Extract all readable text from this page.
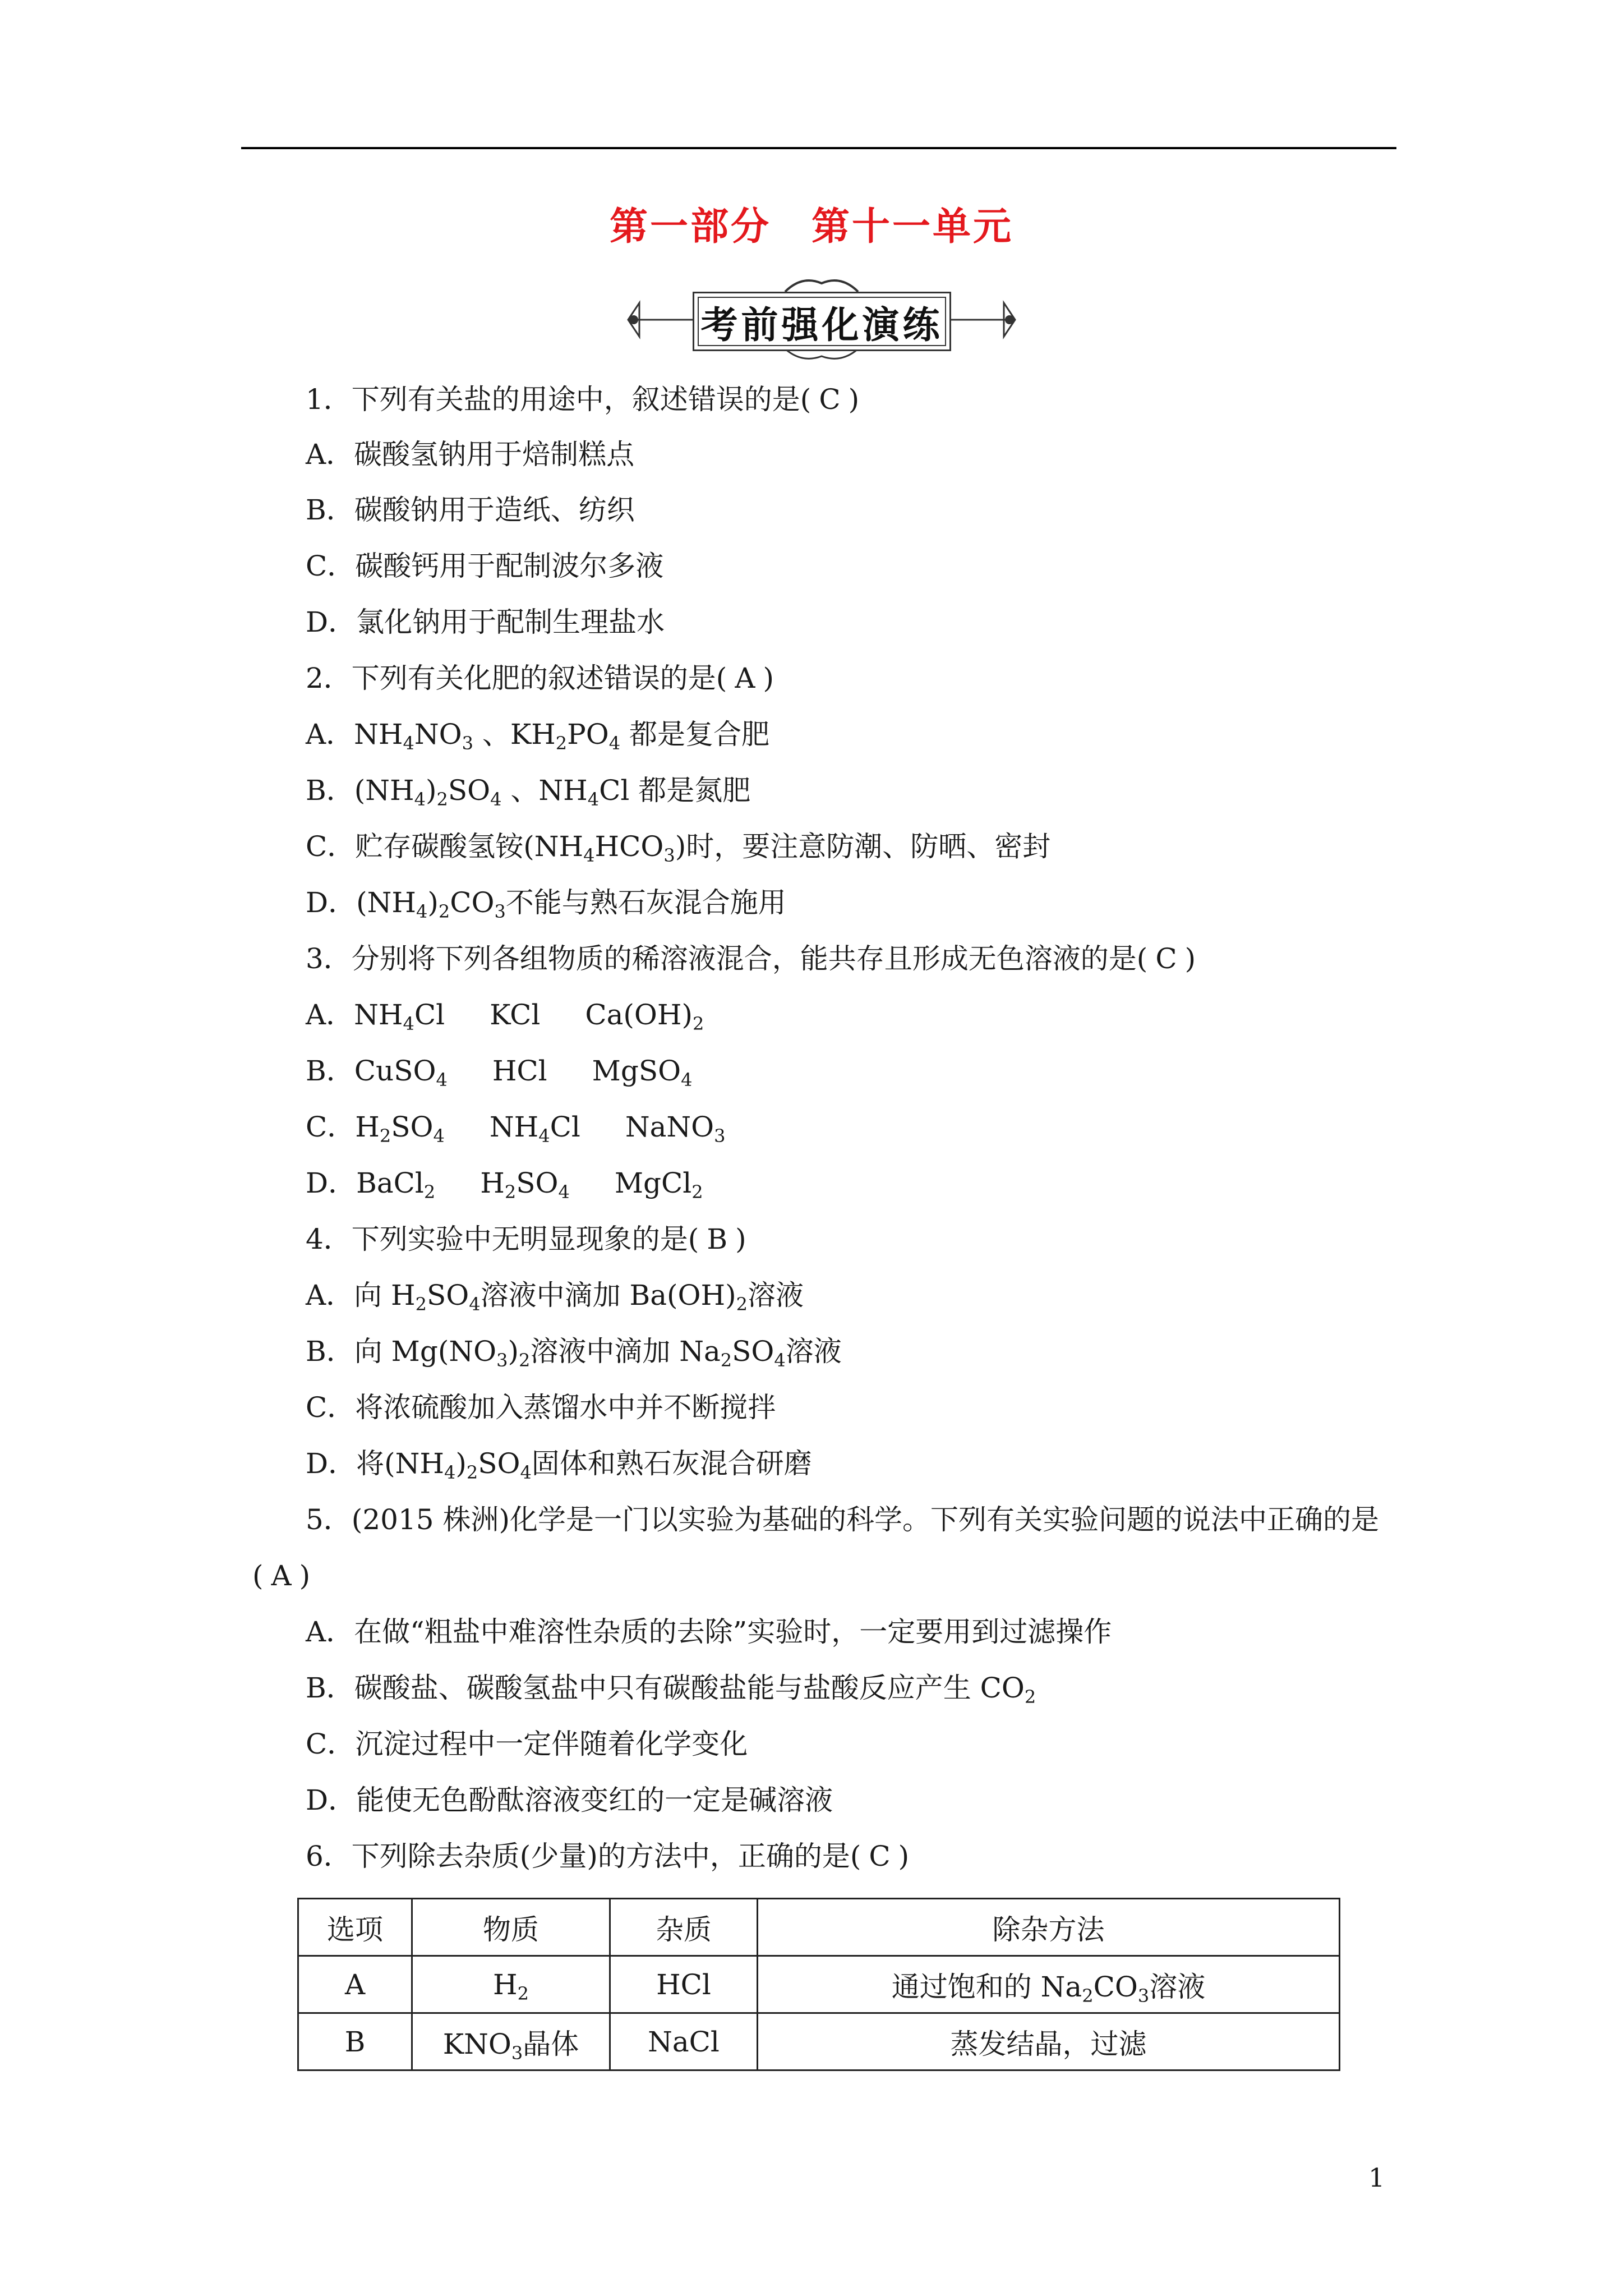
第一部分　第十一单元
考前强化演练
1．下列有关盐的用途中，叙述错误的是( C )
A．碳酸氢钠用于焙制糕点
B．碳酸钠用于造纸、纺织
C．碳酸钙用于配制波尔多液
D．氯化钠用于配制生理盐水
2．下列有关化肥的叙述错误的是( A )
A．$NH_4NO_3$ 、$KH_2PO_4$ 都是复合肥
B．$(NH_4)_2SO_4$ 、$NH_4Cl$ 都是氮肥
C．贮存碳酸氢铵$(NH_4HCO_3)$时，要注意防潮、防晒、密封
D．$(NH_4)_2CO_3$不能与熟石灰混合施用
3．分别将下列各组物质的稀溶液混合，能共存且形成无色溶液的是( C )
A．$NH_4Cl$ KCl $Ca(OH)_2$
B．CuSO$_4$ HCl MgSO$_4$
C．$H_2SO_4$ $NH_4Cl$ NaNO$_3$
D．BaCl$_2$ $H_2SO_4$ MgCl$_2$
4．下列实验中无明显现象的是( B )
A．向 $H_2SO_4$溶液中滴加 $Ba(OH)_2$溶液
B．向 $Mg(NO_3)_2$溶液中滴加 $Na_2SO_4$溶液
C．将浓硫酸加入蒸馏水中并不断搅拌
D．将$(NH_4)_2SO_4$固体和熟石灰混合研磨
5．(2015 株洲)化学是一门以实验为基础的科学。下列有关实验问题的说法中正确的是
( A )
A．在做“粗盐中难溶性杂质的去除”实验时，一定要用到过滤操作
B．碳酸盐、碳酸氢盐中只有碳酸盐能与盐酸反应产生 $CO_2$
C．沉淀过程中一定伴随着化学变化
D．能使无色酚酞溶液变红的一定是碱溶液
6．下列除去杂质(少量)的方法中，正确的是( C )
选项	物质	杂质	除杂方法
A	$H_2$	HCl	通过饱和的 $Na_2CO_3$溶液
B	$KNO_3$晶体	NaCl	蒸发结晶，过滤
1
